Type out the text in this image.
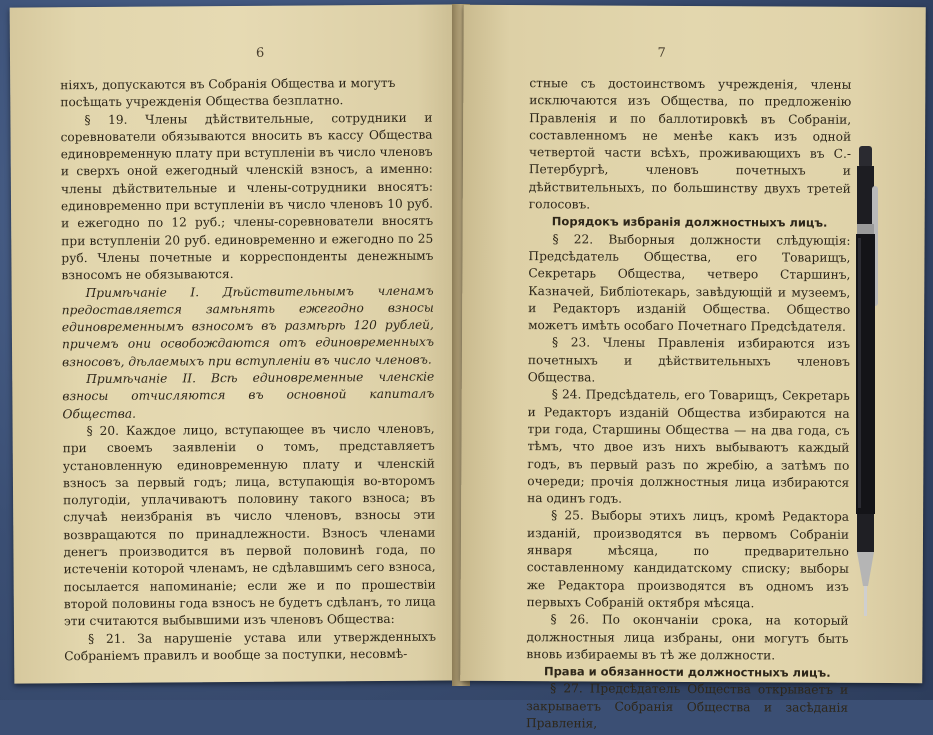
6

ніяхъ, допускаются въ Собранія Общества и могутъ

посѣщать учрежденія Общества безплатно.

§ 19. Члены дѣйствительные, сотрудники и соревнователи обязываются вносить въ кассу Общества единовременную плату при вступленіи въ число членовъ и сверхъ оной ежегодный членскій взносъ, а именно: члены дѣйствительные и члены-сотрудники вносятъ: единовременно при вступленіи въ число членовъ 10 руб. и ежегодно по 12 руб.; члены-соревнователи вносятъ при вступленіи 20 руб. единовременно и ежегодно по 25 руб. Члены почетные и корреспонденты денежнымъ взносомъ не обязываются.

Примѣчаніе I. Дѣйствительнымъ членамъ предоставляется замѣнять ежегодно взносы единовременнымъ взносомъ въ размѣрѣ 120 рублей, причемъ они освобождаются отъ единовременныхъ взносовъ, дѣлаемыхъ при вступленіи въ число членовъ.

Примѣчаніе II. Всѣ единовременные членскіе взносы отчисляются въ основной капиталъ Общества.

§ 20. Каждое лицо, вступающее въ число членовъ, при своемъ заявленіи о томъ, представляетъ установленную единовременную плату и членскій взносъ за первый годъ; лица, вступающія во-второмъ полугодіи, уплачиваютъ половину такого взноса; въ случаѣ неизбранія въ число членовъ, взносы эти возвращаются по принадлежности. Взносъ членами денегъ производится въ первой половинѣ года, по истеченіи которой членамъ, не сдѣлавшимъ сего взноса, посылается напоминаніе; если же и по прошествіи второй половины года взносъ не будетъ сдѣланъ, то лица эти считаются выбывшими изъ членовъ Общества:

§ 21. За нарушеніе устава или утвержденныхъ Собраніемъ правилъ и вообще за поступки, несовмѣ-

7

стные съ достоинствомъ учрежденія, члены исключаются изъ Общества, по предложенію Правленія и по баллотировкѣ въ Собраніи, составленномъ не менѣе какъ изъ одной четвертой части всѣхъ, проживающихъ въ С.-Петербургѣ, членовъ почетныхъ и дѣйствительныхъ, по большинству двухъ третей голосовъ.

Порядокъ избранія должностныхъ лицъ.

§ 22. Выборныя должности слѣдующія: Предсѣдатель Общества, его Товарищъ, Секретарь Общества, четверо Старшинъ, Казначей, Библіотекарь, завѣдующій и музеемъ, и Редакторъ изданій Общества. Общество можетъ имѣть особаго Почетнаго Предсѣдателя.

§ 23. Члены Правленія избираются изъ почетныхъ и дѣйствительныхъ членовъ Общества.

§ 24. Предсѣдатель, его Товарищъ, Секретарь и Редакторъ изданій Общества избираются на три года, Старшины Общества — на два года, съ тѣмъ, что двое изъ нихъ выбываютъ каждый годъ, въ первый разъ по жребію, а затѣмъ по очереди; прочія должностныя лица избираются на одинъ годъ.

§ 25. Выборы этихъ лицъ, кромѣ Редактора изданій, производятся въ первомъ Собраніи января мѣсяца, по предварительно составленному кандидатскому списку; выборы же Редактора производятся въ одномъ изъ первыхъ Собраній октября мѣсяца.

§ 26. По окончаніи срока, на который должностныя лица избраны, они могутъ быть вновь избираемы въ тѣ же должности.

Права и обязанности должностныхъ лицъ.

§ 27. Предсѣдатель Общества открываетъ и закрываетъ Собранія Общества и засѣданія Правленія,
